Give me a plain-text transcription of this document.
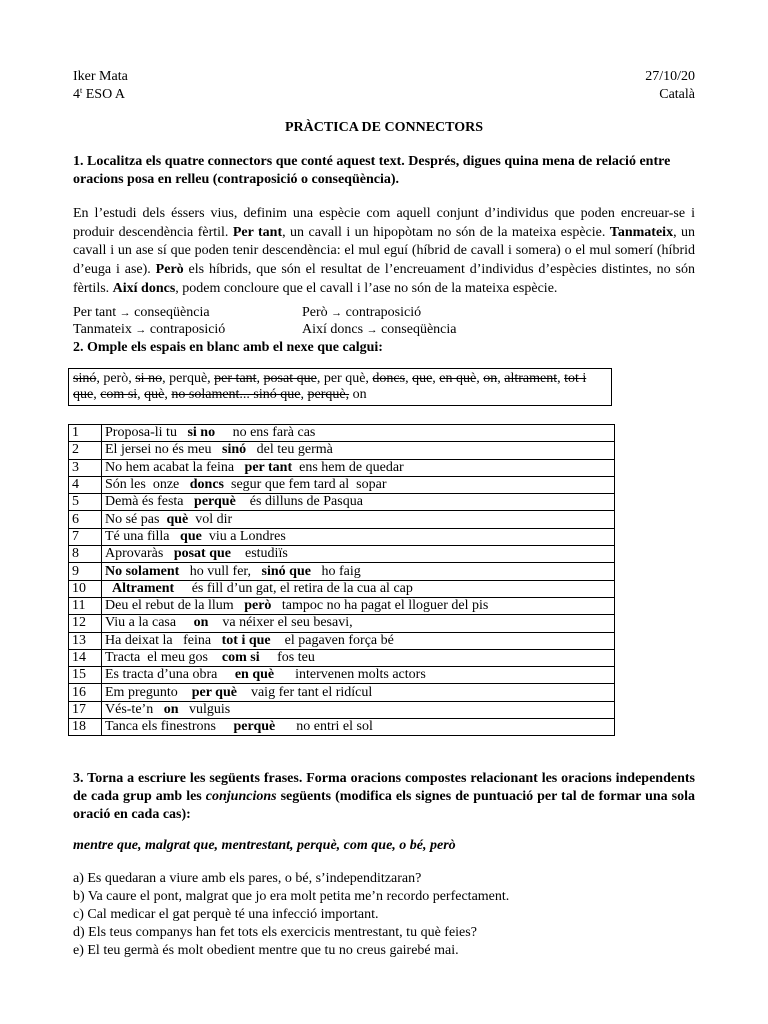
Iker Mata	27/10/20
4$^t$ ESO A	Català
PRÀCTICA DE CONNECTORS
1. Localitza els quatre connectors que conté aquest text. Després, digues quina mena de relació entre oracions posa en relleu (contraposició o conseqüència).
En l’estudi dels éssers vius, definim una espècie com aquell conjunt d’individus que poden encreuar-se i produir descendència fèrtil. Per tant, un cavall i un hipopòtam no són de la mateixa espècie. Tanmateix, un cavall i un ase sí que poden tenir descendència: el mul eguí (híbrid de cavall i somera) o el mul somerí (híbrid d’euga i ase). Però els híbrids, que són el resultat de l’encreuament d’individus d’espècies distintes, no són fèrtils. Així doncs, podem concloure que el cavall i l’ase no són de la mateixa espècie.
Per tant → conseqüència	Però → contraposició
Tanmateix → contraposició	Així doncs → conseqüència
2. Omple els espais en blanc amb el nexe que calgui:
sinó, però, si no, perquè, per tant, posat que, per què, doncs, que, en què, on, altrament, tot i que, com si, què, no solament... sinó que, perquè, on
1	Proposa-li tu   si no     no ens farà cas
2	El jersei no és meu   sinó   del teu germà
3	No hem acabat la feina   per tant  ens hem de quedar
4	Són les  onze   doncs  segur que fem tard al  sopar
5	Demà és festa   perquè    és dilluns de Pasqua
6	No sé pas  què  vol dir
7	Té una filla   que  viu a Londres
8	Aprovaràs   posat que    estudiïs
9	No solament   ho vull fer,   sinó que   ho faig
10	Altrament     és fill d’un gat, el retira de la cua al cap
11	Deu el rebut de la llum   però   tampoc no ha pagat el lloguer del pis
12	Viu a la casa     on    va néixer el seu besavi,
13	Ha deixat la   feina   tot i que    el pagaven força bé
14	Tracta  el meu gos    com si     fos teu
15	Es tracta d’una obra     en què      intervenen molts actors
16	Em pregunto    per què    vaig fer tant el ridícul
17	Vés-te’n   on   vulguis
18	Tanca els finestrons     perquè      no entri el sol
3. Torna a escriure les següents frases. Forma oracions compostes relacionant les oracions independents de cada grup amb les conjuncions següents (modifica els signes de puntuació per tal de formar una sola oració en cada cas):
mentre que, malgrat que, mentrestant, perquè, com que, o bé, però
a) Es quedaran a viure amb els pares, o bé, s’independitzaran?
b) Va caure el pont, malgrat que jo era molt petita me’n recordo perfectament.
c) Cal medicar el gat perquè té una infecció important.
d) Els teus companys han fet tots els exercicis mentrestant, tu què feies?
e) El teu germà és molt obedient mentre que tu no creus gairebé mai.
